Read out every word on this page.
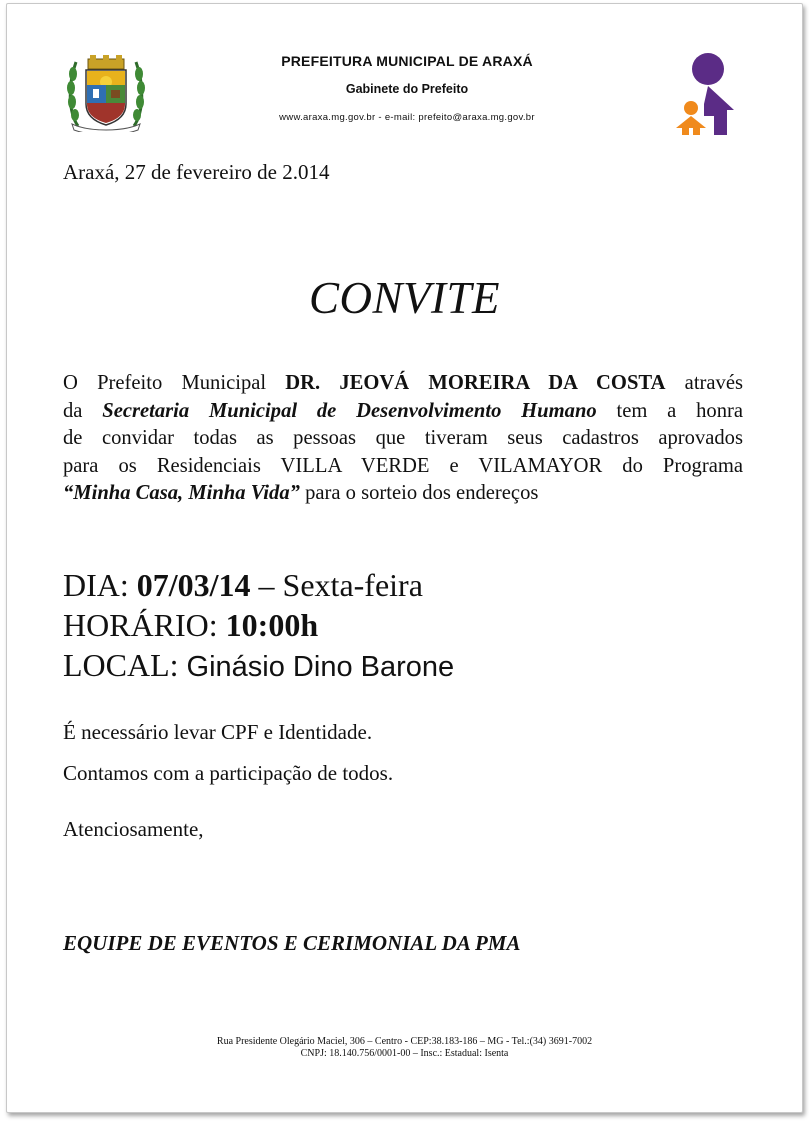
PREFEITURA MUNICIPAL DE ARAXÁ
Gabinete do Prefeito
www.araxa.mg.gov.br - e-mail: prefeito@araxa.mg.gov.br
Araxá, 27 de fevereiro de 2.014
CONVITE
O Prefeito Municipal DR. JEOVÁ MOREIRA DA COSTA através
da Secretaria Municipal de Desenvolvimento Humano tem a honra
de convidar todas as pessoas que tiveram seus cadastros aprovados
para os Residenciais VILLA VERDE e VILAMAYOR do Programa
“Minha Casa, Minha Vida” para o sorteio dos endereços
DIA: 07/03/14 – Sexta-feira
HORÁRIO: 10:00h
LOCAL: Ginásio Dino Barone
É necessário levar CPF e Identidade.
Contamos com a participação de todos.
Atenciosamente,
EQUIPE DE EVENTOS E CERIMONIAL DA PMA
Rua Presidente Olegário Maciel, 306 – Centro - CEP:38.183-186 – MG - Tel.:(34) 3691-7002
CNPJ: 18.140.756/0001-00 – Insc.: Estadual: Isenta
